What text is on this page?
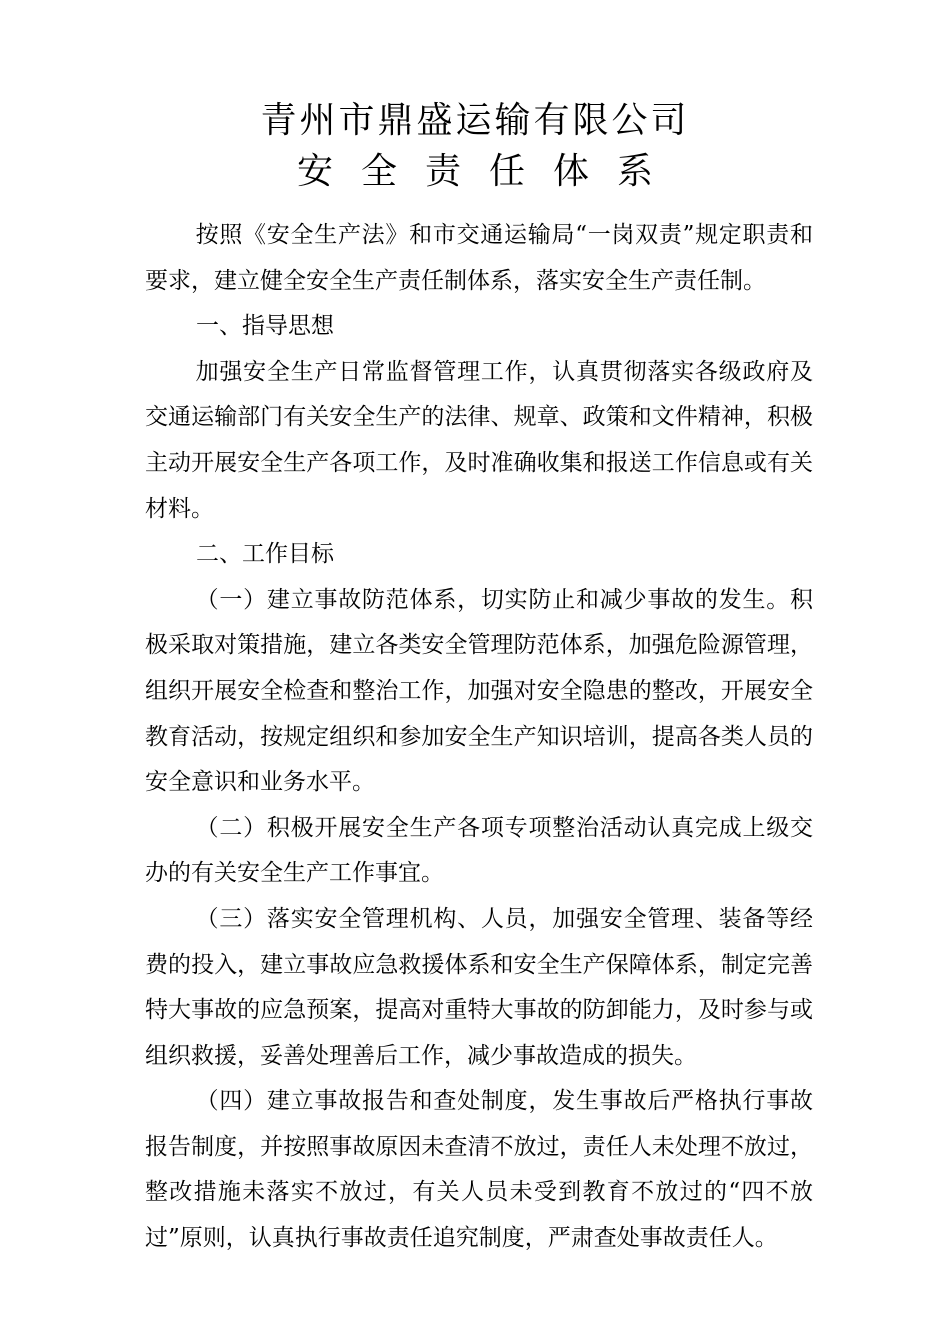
青州市鼎盛运输有限公司
安全责任体系

按照《安全生产法》和市交通运输局“一岗双责”规定职责和要求，建立健全安全生产责任制体系，落实安全生产责任制。

一、指导思想

加强安全生产日常监督管理工作，认真贯彻落实各级政府及交通运输部门有关安全生产的法律、规章、政策和文件精神，积极主动开展安全生产各项工作，及时准确收集和报送工作信息或有关材料。

二、工作目标

（一）建立事故防范体系，切实防止和减少事故的发生。积极采取对策措施，建立各类安全管理防范体系，加强危险源管理，组织开展安全检查和整治工作，加强对安全隐患的整改，开展安全教育活动，按规定组织和参加安全生产知识培训，提高各类人员的安全意识和业务水平。

（二）积极开展安全生产各项专项整治活动认真完成上级交办的有关安全生产工作事宜。

（三）落实安全管理机构、人员，加强安全管理、装备等经费的投入，建立事故应急救援体系和安全生产保障体系，制定完善特大事故的应急预案，提高对重特大事故的防卸能力，及时参与或组织救援，妥善处理善后工作，减少事故造成的损失。

（四）建立事故报告和查处制度，发生事故后严格执行事故报告制度，并按照事故原因未查清不放过，责任人未处理不放过，整改措施未落实不放过，有关人员未受到教育不放过的“四不放过”原则，认真执行事故责任追究制度，严肃查处事故责任人。
